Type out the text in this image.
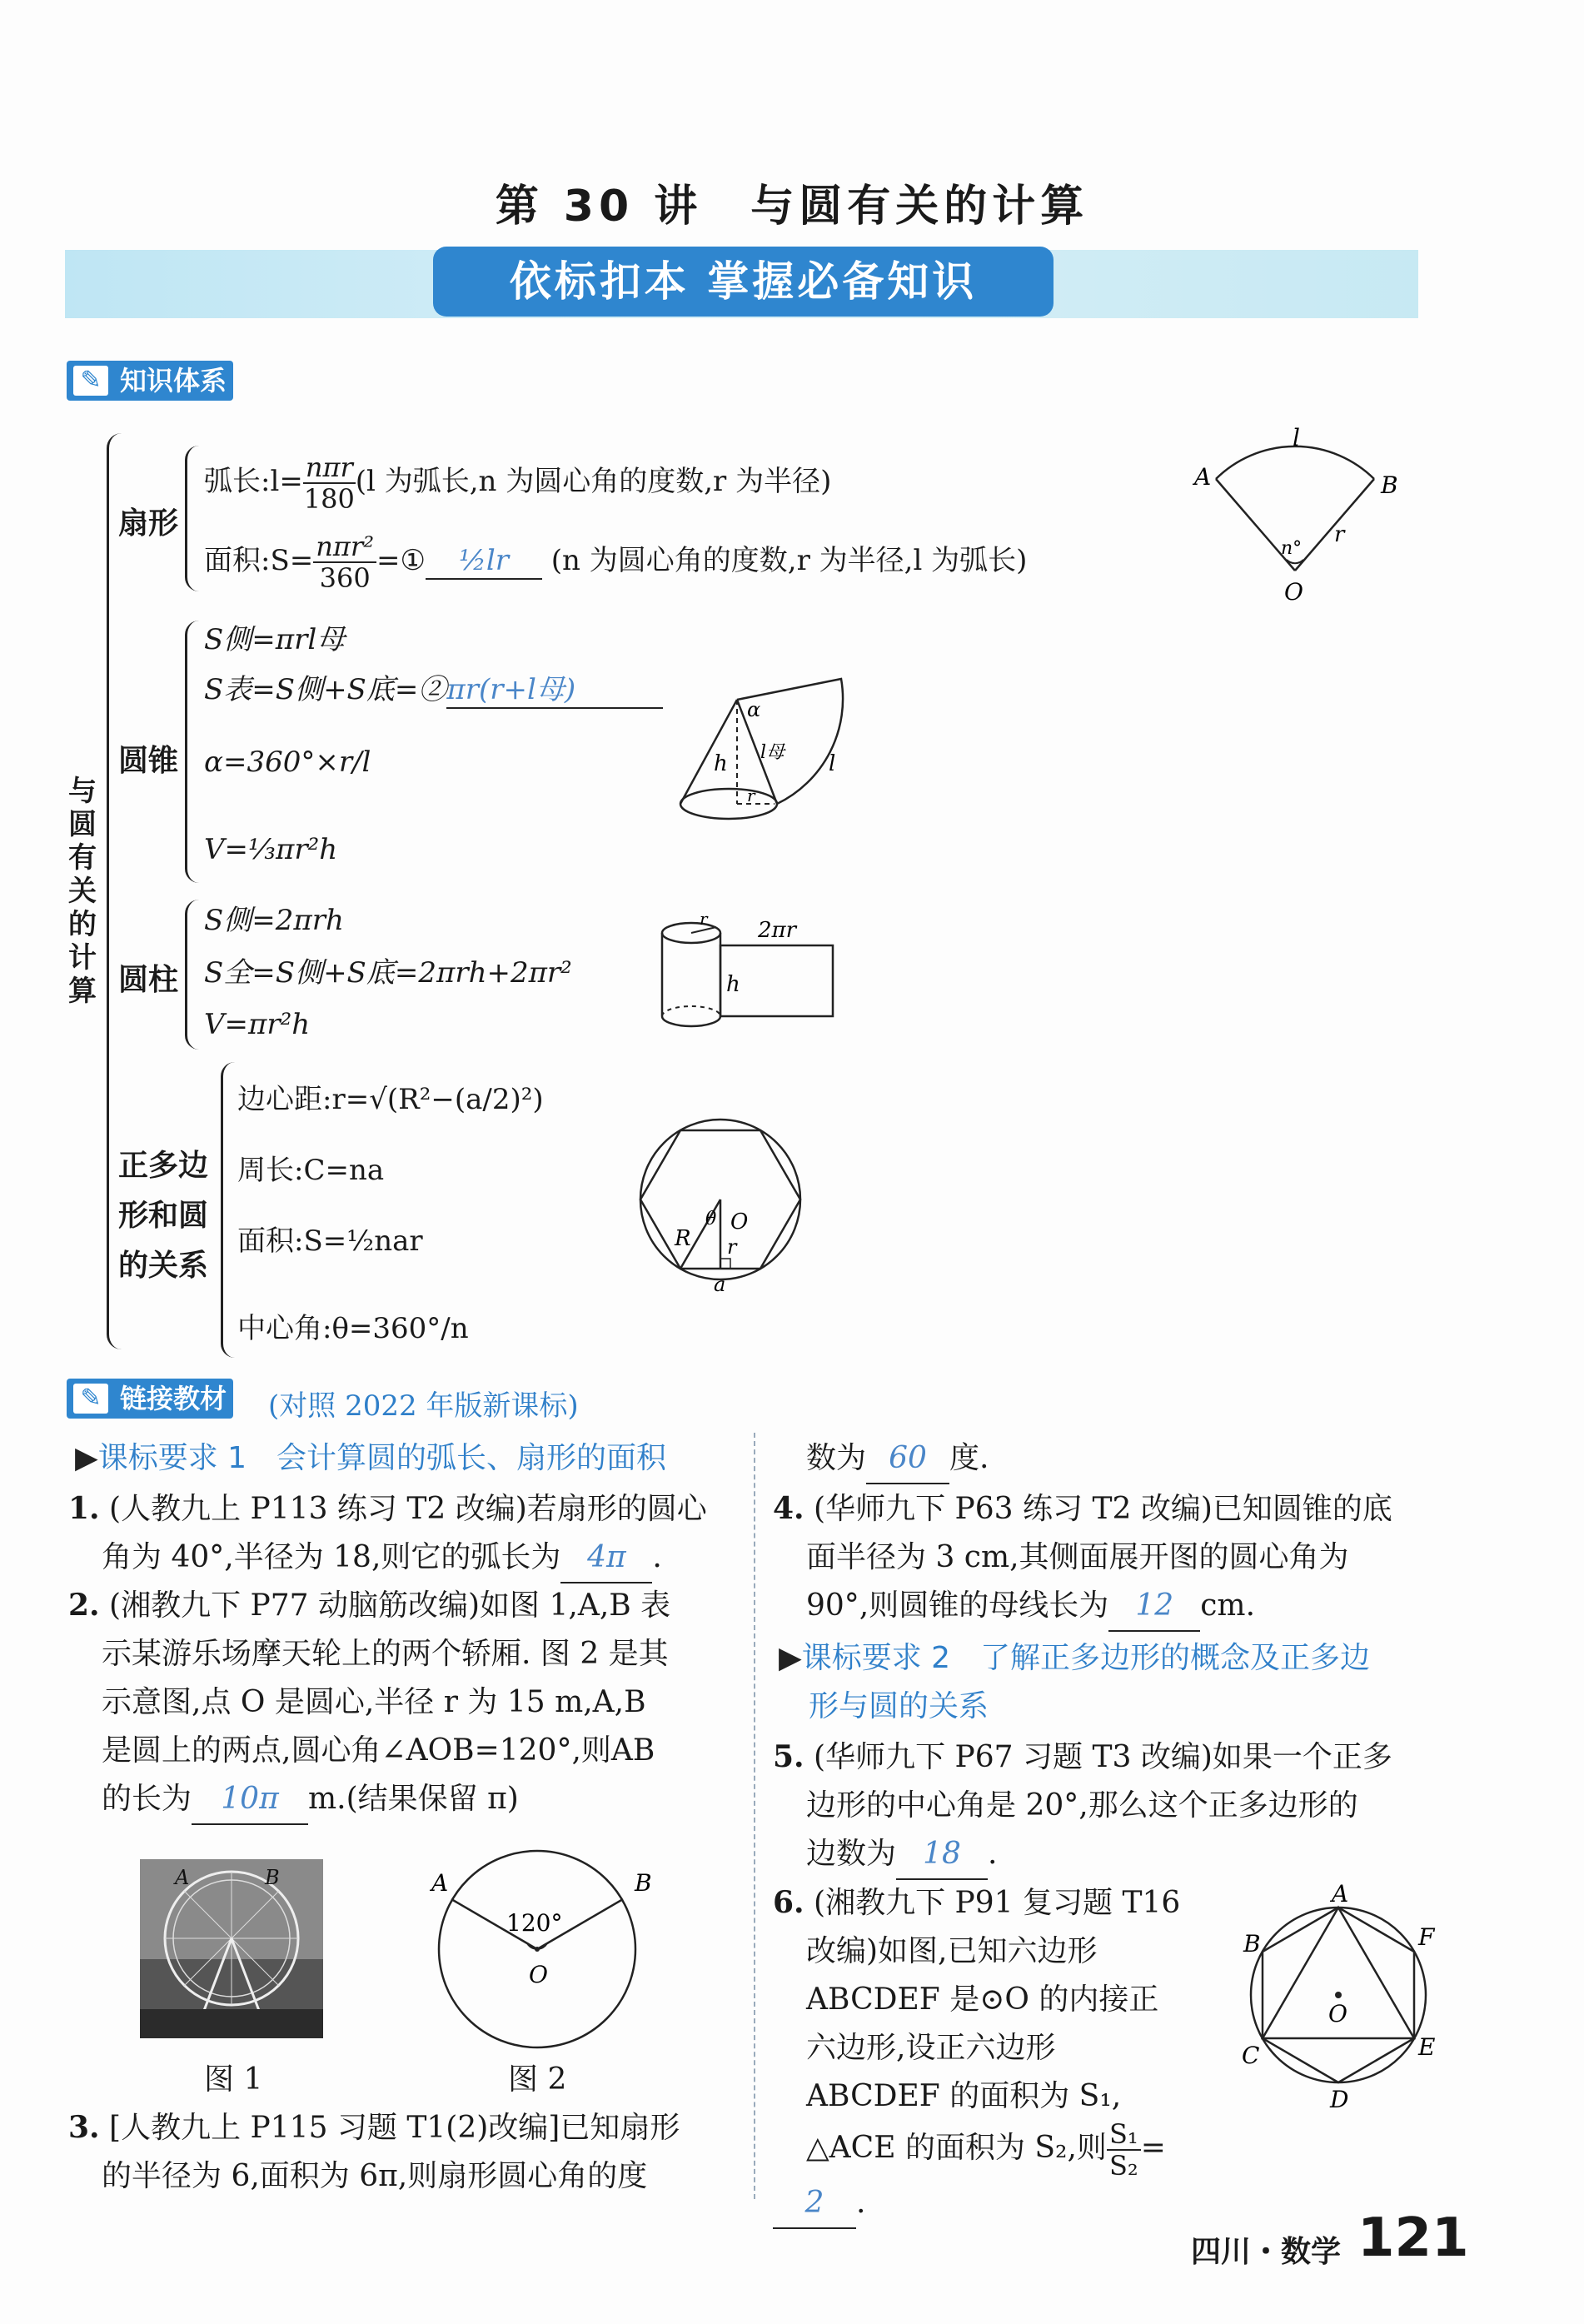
第 30 讲　与圆有关的计算
依标扣本 掌握必备知识
✎ 知识体系
与圆有关的计算
扇形
弧长:l= $\frac{\text{nπr}}{180} (l$ 为弧长,n 为圆心角的度数,r 为半径)
面积:S= $\frac{\text{nπr²}}{360}$ =① ½lr (n 为圆心角的度数,r 为半径,l 为弧长)
A	B
l
n°
r
O
圆锥
S侧=πrl母
S表=S侧+S底=②πr(r+l母)
α=360°×r/l
V=⅓πr²h
α
h l母 l
r
圆柱
S侧=2πrh
S全=S侧+S底=2πrh+2πr²
V=πr²h
r 2πr
h
正多边
形和圆
的关系
边心距:r=√(R²−(a/2)²)
周长:C=na
面积:S=½nar
中心角:θ=360°/n
θ O
R r
a
✎ 链接教材 (对照 2022 年版新课标)
▶课标要求 1　会计算圆的弧长、扇形的面积
1. (人教九上 P113 练习 T2 改编)若扇形的圆心
角为 40°,半径为 18,则它的弧长为 4π .
2. (湘教九下 P77 动脑筋改编)如图 1,A,B 表
示某游乐场摩天轮上的两个轿厢. 图 2 是其
示意图,点 O 是圆心,半径 r 为 15 m,A,B
是圆上的两点,圆心角∠AOB=120°,则AB
的长为 10π m.(结果保留 π)
A	B
图 1
A	B
120°
O
图 2
3. [人教九上 P115 习题 T1(2)改编]已知扇形
的半径为 6,面积为 6π,则扇形圆心角的度
数为 60 度.
4. (华师九下 P63 练习 T2 改编)已知圆锥的底
面半径为 3 cm,其侧面展开图的圆心角为
90°,则圆锥的母线长为 12 cm.
▶课标要求 2　了解正多边形的概念及正多边
形与圆的关系
5. (华师九下 P67 习题 T3 改编)如果一个正多
边形的中心角是 20°,那么这个正多边形的
边数为 18 .
6. (湘教九下 P91 复习题 T16
改编)如图,已知六边形
ABCDEF 是⊙O 的内接正
六边形,设正六边形
ABCDEF 的面积为 S₁,
△ACE 的面积为 S₂,则 $\frac{\text{S₁}}{\text{S₂}} =2$ .
A
B	F
C	E
D
O
四川・数学 121
